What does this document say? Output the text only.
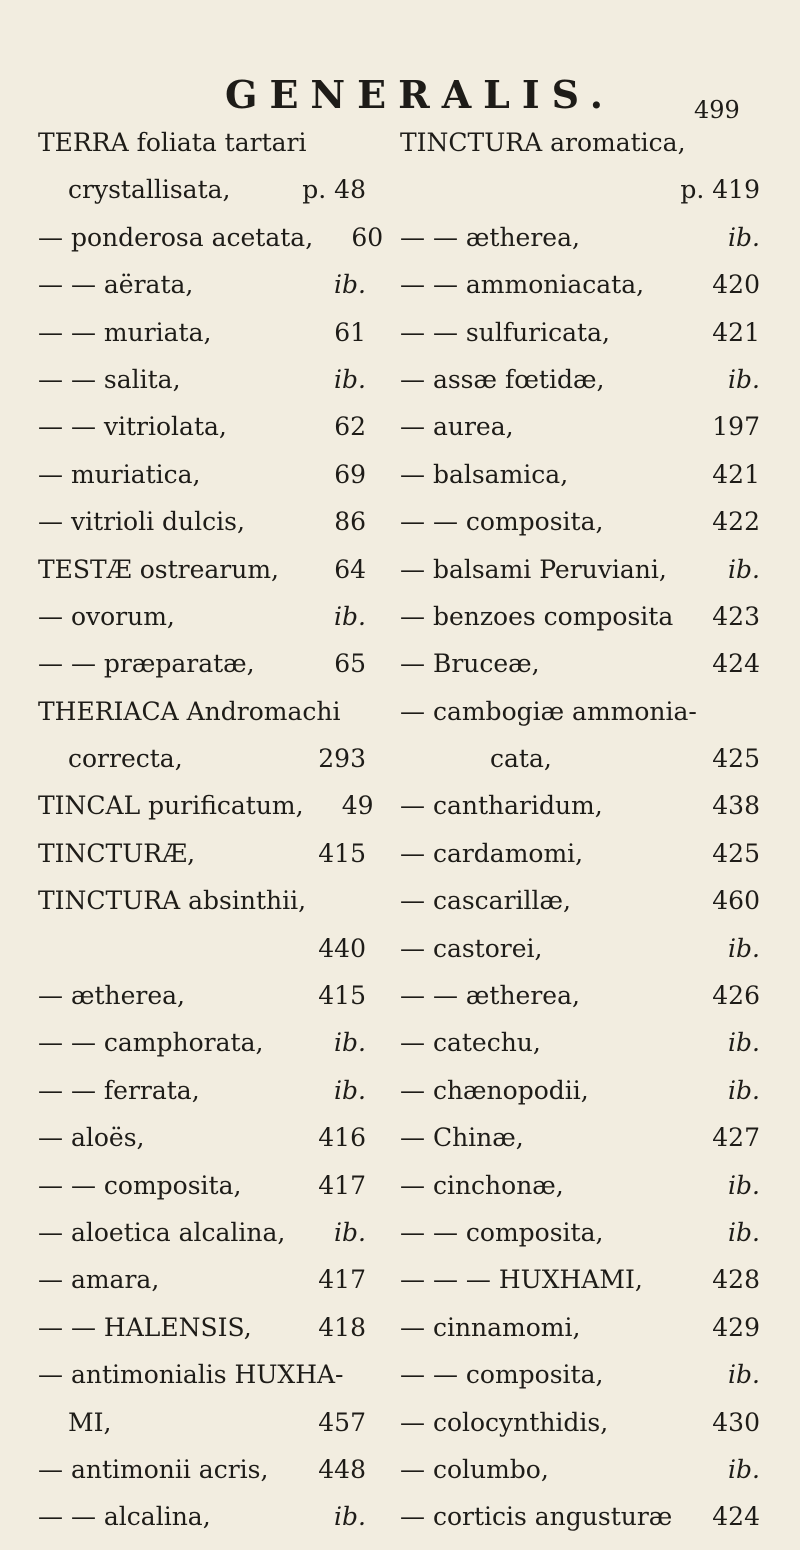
GENERALIS.	499
TERRA foliata tartari
crystallisata,	p. 48
— ponderosa acetata,	60
— — aërata,	ib.
— — muriata,	61
— — salita,	ib.
— — vitriolata,	62
— muriatica,	69
— vitrioli dulcis,	86
TESTÆ ostrearum,	64
— ovorum,	ib.
— — præparatæ,	65
THERIACA Andromachi
correcta,	293
TINCAL purificatum,	49
TINCTURÆ,	415
TINCTURA absinthii,
440
— ætherea,	415
— — camphorata,	ib.
— — ferrata,	ib.
— aloës,	416
— — composita,	417
— aloetica alcalina,	ib.
— amara,	417
— — HALENSIS,	418
— antimonialis HUXHA-
MI,	457
— antimonii acris,	448
— — alcalina,	ib.
TINCTURA aromatica,
p. 419
— — ætherea,	ib.
— — ammoniacata,	420
— — sulfuricata,	421
— assæ fœtidæ,	ib.
— aurea,	197
— balsamica,	421
— — composita,	422
— balsami Peruviani,	ib.
— benzoes composita	423
— Bruceæ,	424
— cambogiæ ammonia-
cata,	425
— cantharidum,	438
— cardamomi,	425
— cascarillæ,	460
— castorei,	ib.
— — ætherea,	426
— catechu,	ib.
— chænopodii,	ib.
— Chinæ,	427
— cinchonæ,	ib.
— — composita,	ib.
— — — HUXHAMI,	428
— cinnamomi,	429
— — composita,	ib.
— colocynthidis,	430
— columbo,	ib.
— corticis angusturæ	424
